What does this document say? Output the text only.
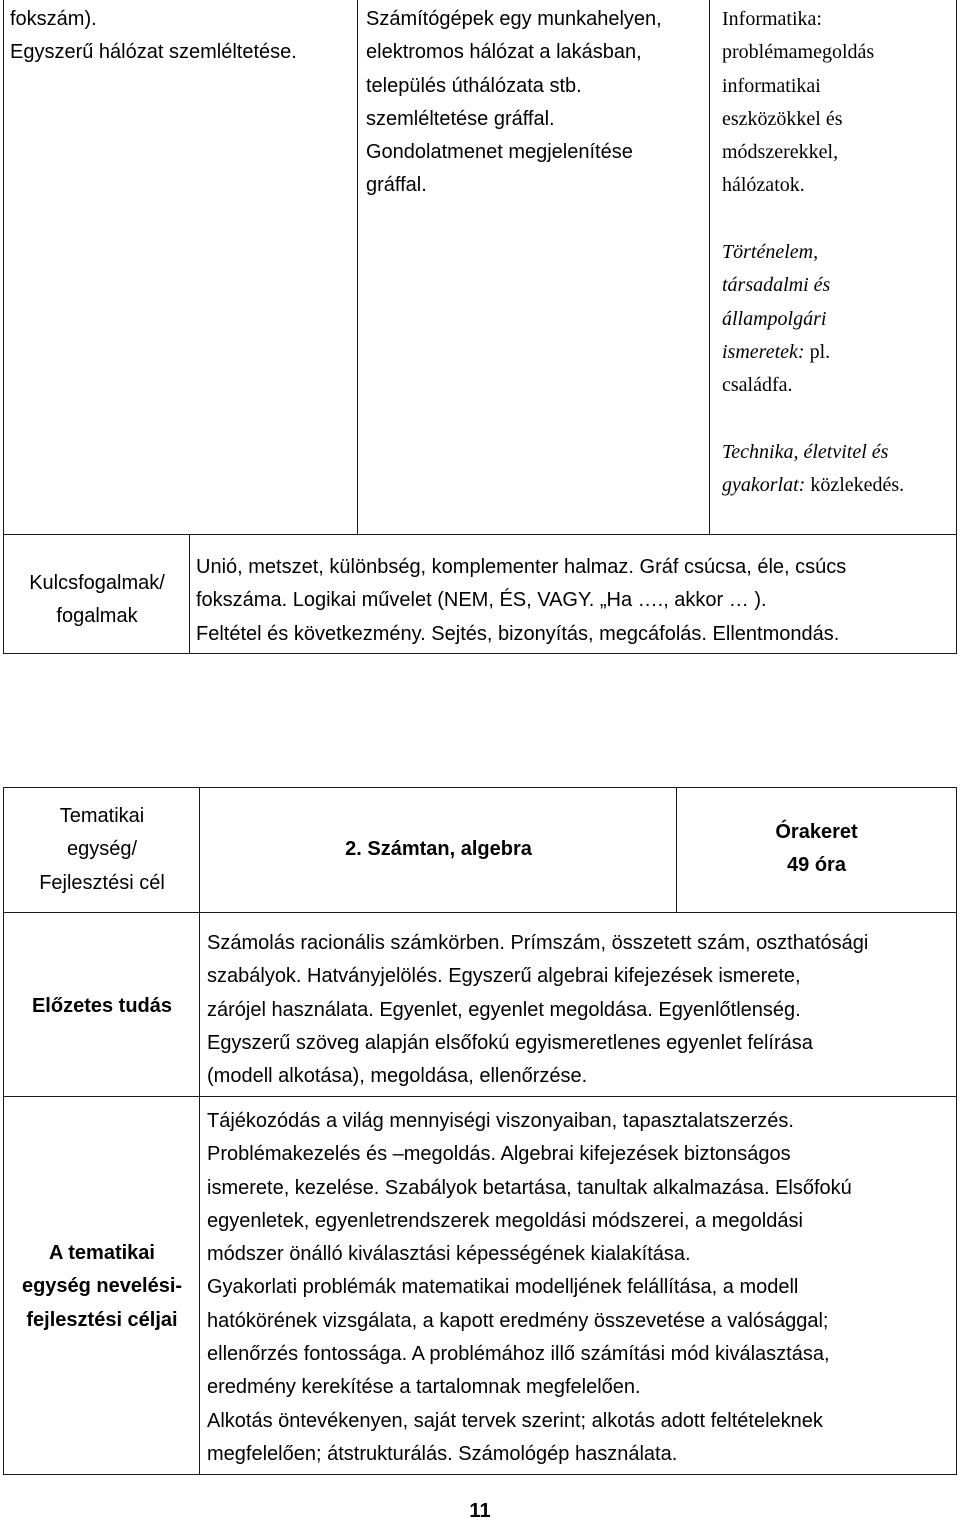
fokszám).
Egyszerű hálózat szemléltetése.
Számítógépek egy munkahelyen,
elektromos hálózat a lakásban,
település úthálózata stb.
szemléltetése gráffal.
Gondolatmenet megjelenítése
gráffal.
Informatika:
problémamegoldás
informatikai
eszközökkel és
módszerekkel,
hálózatok.
Történelem,
társadalmi és
állampolgári
ismeretek: pl.
családfa.
Technika, életvitel és
gyakorlat: közlekedés.
Kulcsfogalmak/
fogalmak
Unió, metszet, különbség, komplementer halmaz. Gráf csúcsa, éle, csúcs
fokszáma. Logikai művelet (NEM, ÉS, VAGY. „Ha …., akkor … ).
Feltétel és következmény. Sejtés, bizonyítás, megcáfolás. Ellentmondás.
Tematikai
egység/
Fejlesztési cél
2. Számtan, algebra
Órakeret
49 óra
Előzetes tudás
Számolás racionális számkörben. Prímszám, összetett szám, oszthatósági
szabályok. Hatványjelölés. Egyszerű algebrai kifejezések ismerete,
zárójel használata. Egyenlet, egyenlet megoldása. Egyenlőtlenség.
Egyszerű szöveg alapján elsőfokú egyismeretlenes egyenlet felírása
(modell alkotása), megoldása, ellenőrzése.
A tematikai
egység nevelési-
fejlesztési céljai
Tájékozódás a világ mennyiségi viszonyaiban, tapasztalatszerzés.
Problémakezelés és –megoldás. Algebrai kifejezések biztonságos
ismerete, kezelése. Szabályok betartása, tanultak alkalmazása. Elsőfokú
egyenletek, egyenletrendszerek megoldási módszerei, a megoldási
módszer önálló kiválasztási képességének kialakítása.
Gyakorlati problémák matematikai modelljének felállítása, a modell
hatókörének vizsgálata, a kapott eredmény összevetése a valósággal;
ellenőrzés fontossága. A problémához illő számítási mód kiválasztása,
eredmény kerekítése a tartalomnak megfelelően.
Alkotás öntevékenyen, saját tervek szerint; alkotás adott feltételeknek
megfelelően; átstrukturálás. Számológép használata.
11
